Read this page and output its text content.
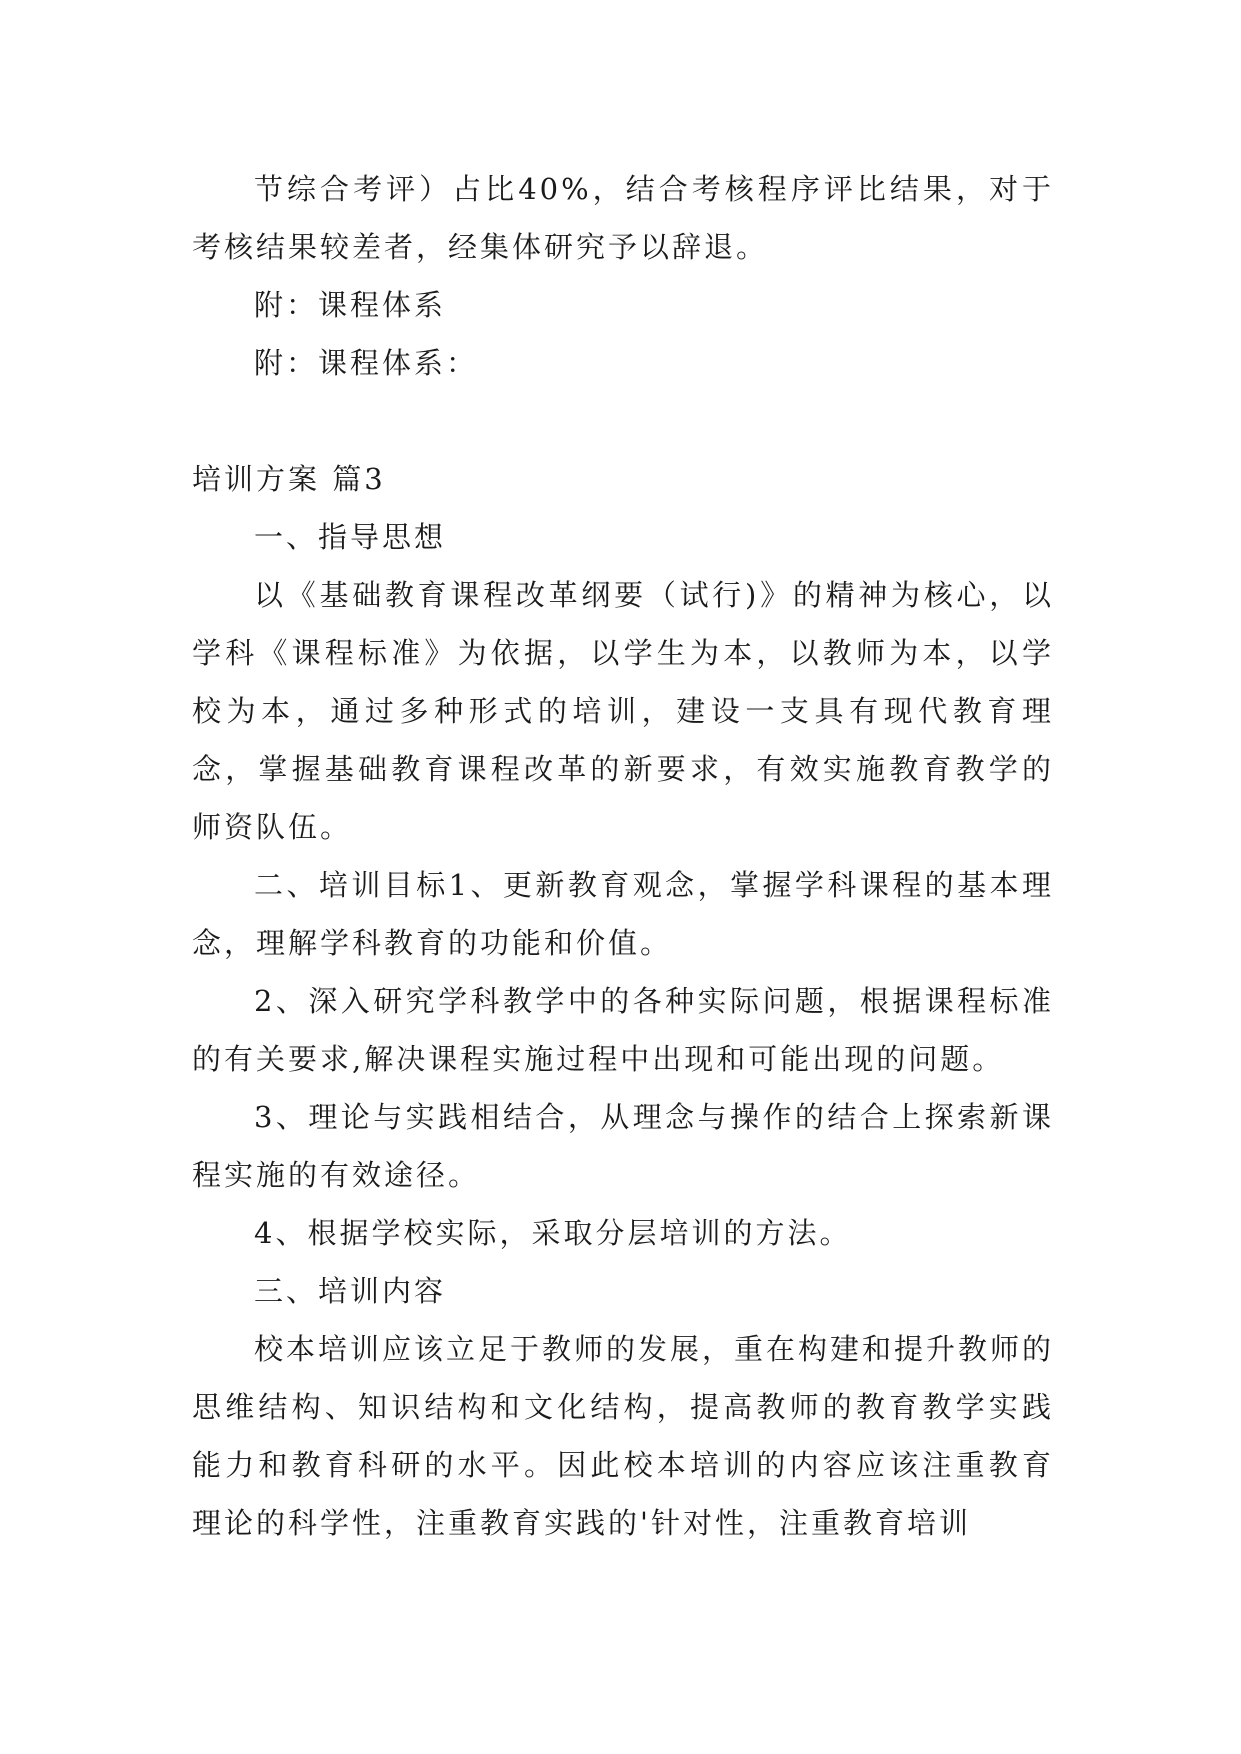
节综合考评）占比40%，结合考核程序评比结果，对于考核结果较差者，经集体研究予以辞退。

附：课程体系

附：课程体系：

培训方案 篇3

一、指导思想

以《基础教育课程改革纲要（试行)》的精神为核心，以学科《课程标准》为依据，以学生为本，以教师为本，以学校为本，通过多种形式的培训，建设一支具有现代教育理念，掌握基础教育课程改革的新要求，有效实施教育教学的师资队伍。

二、培训目标1、更新教育观念，掌握学科课程的基本理念，理解学科教育的功能和价值。

2、深入研究学科教学中的各种实际问题，根据课程标准的有关要求,解决课程实施过程中出现和可能出现的问题。

3、理论与实践相结合，从理念与操作的结合上探索新课程实施的有效途径。

4、根据学校实际，采取分层培训的方法。

三、培训内容

校本培训应该立足于教师的发展，重在构建和提升教师的思维结构、知识结构和文化结构，提高教师的教育教学实践能力和教育科研的水平。因此校本培训的内容应该注重教育理论的科学性，注重教育实践的'针对性，注重教育培训
